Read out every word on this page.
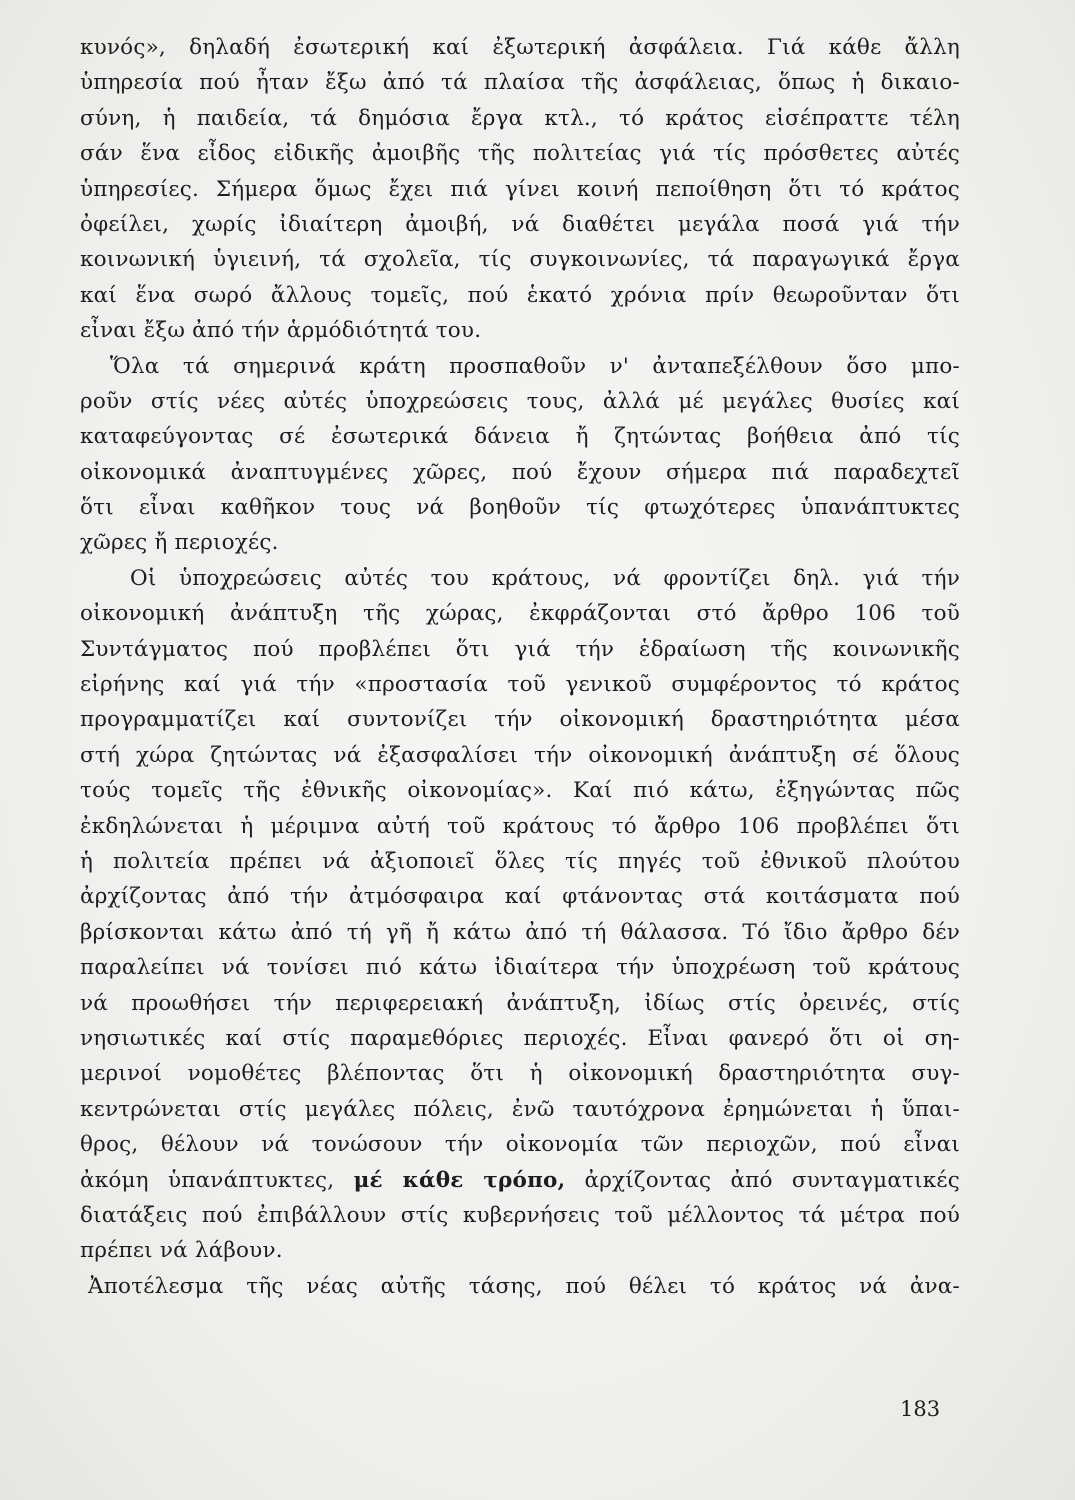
κυνός», δηλαδή ἐσωτερική καί ἐξωτερική ἀσφάλεια. Γιά κάθε ἄλλη
ὑπηρεσία πού ἦταν ἔξω ἀπό τά πλαίσα τῆς ἀσφάλειας, ὅπως ἡ δικαιο-
σύνη, ἡ παιδεία, τά δημόσια ἔργα κτλ., τό κράτος εἰσέπραττε τέλη
σάν ἕνα εἶδος εἰδικῆς ἀμοιβῆς τῆς πολιτείας γιά τίς πρόσθετες αὐτές
ὑπηρεσίες. Σήμερα ὅμως ἔχει πιά γίνει κοινή πεποίθηση ὅτι τό κράτος
ὀφείλει, χωρίς ἰδιαίτερη ἀμοιβή, νά διαθέτει μεγάλα ποσά γιά τήν
κοινωνική ὑγιεινή, τά σχολεῖα, τίς συγκοινωνίες, τά παραγωγικά ἔργα
καί ἕνα σωρό ἄλλους τομεῖς, πού ἑκατό χρόνια πρίν θεωροῦνταν ὅτι
εἶναι ἔξω ἀπό τήν ἁρμόδιότητά του.
Ὅλα τά σημερινά κράτη προσπαθοῦν ν' ἀνταπεξέλθουν ὅσο μπο-
ροῦν στίς νέες αὐτές ὑποχρεώσεις τους, ἀλλά μέ μεγάλες θυσίες καί
καταφεύγοντας σέ ἐσωτερικά δάνεια ἤ ζητώντας βοήθεια ἀπό τίς
οἰκονομικά ἀναπτυγμένες χῶρες, πού ἔχουν σήμερα πιά παραδεχτεῖ
ὅτι εἶναι καθῆκον τους νά βοηθοῦν τίς φτωχότερες ὑπανάπτυκτες
χῶρες ἤ περιοχές.
Οἱ ὑποχρεώσεις αὐτές του κράτους, νά φροντίζει δηλ. γιά τήν
οἰκονομική ἀνάπτυξη τῆς χώρας, ἐκφράζονται στό ἄρθρο 106 τοῦ
Συντάγματος πού προβλέπει ὅτι γιά τήν ἑδραίωση τῆς κοινωνικῆς
εἰρήνης καί γιά τήν «προστασία τοῦ γενικοῦ συμφέροντος τό κράτος
προγραμματίζει καί συντονίζει τήν οἰκονομική δραστηριότητα μέσα
στή χώρα ζητώντας νά ἐξασφαλίσει τήν οἰκονομική ἀνάπτυξη σέ ὅλους
τούς τομεῖς τῆς ἐθνικῆς οἰκονομίας». Καί πιό κάτω, ἐξηγώντας πῶς
ἐκδηλώνεται ἡ μέριμνα αὐτή τοῦ κράτους τό ἄρθρο 106 προβλέπει ὅτι
ἡ πολιτεία πρέπει νά ἀξιοποιεῖ ὅλες τίς πηγές τοῦ ἐθνικοῦ πλούτου
ἀρχίζοντας ἀπό τήν ἀτμόσφαιρα καί φτάνοντας στά κοιτάσματα πού
βρίσκονται κάτω ἀπό τή γῆ ἤ κάτω ἀπό τή θάλασσα. Τό ἴδιο ἄρθρο δέν
παραλείπει νά τονίσει πιό κάτω ἰδιαίτερα τήν ὑποχρέωση τοῦ κράτους
νά προωθήσει τήν περιφερειακή ἀνάπτυξη, ἰδίως στίς ὀρεινές, στίς
νησιωτικές καί στίς παραμεθόριες περιοχές. Εἶναι φανερό ὅτι οἱ ση-
μερινοί νομοθέτες βλέποντας ὅτι ἡ οἰκονομική δραστηριότητα συγ-
κεντρώνεται στίς μεγάλες πόλεις, ἐνῶ ταυτόχρονα ἐρημώνεται ἡ ὕπαι-
θρος, θέλουν νά τονώσουν τήν οἰκονομία τῶν περιοχῶν, πού εἶναι
ἀκόμη ὑπανάπτυκτες, μέ κάθε τρόπο, ἀρχίζοντας ἀπό συνταγματικές
διατάξεις πού ἐπιβάλλουν στίς κυβερνήσεις τοῦ μέλλοντος τά μέτρα πού
πρέπει νά λάβουν.
Ἀποτέλεσμα τῆς νέας αὐτῆς τάσης, πού θέλει τό κράτος νά ἀνα-
183
